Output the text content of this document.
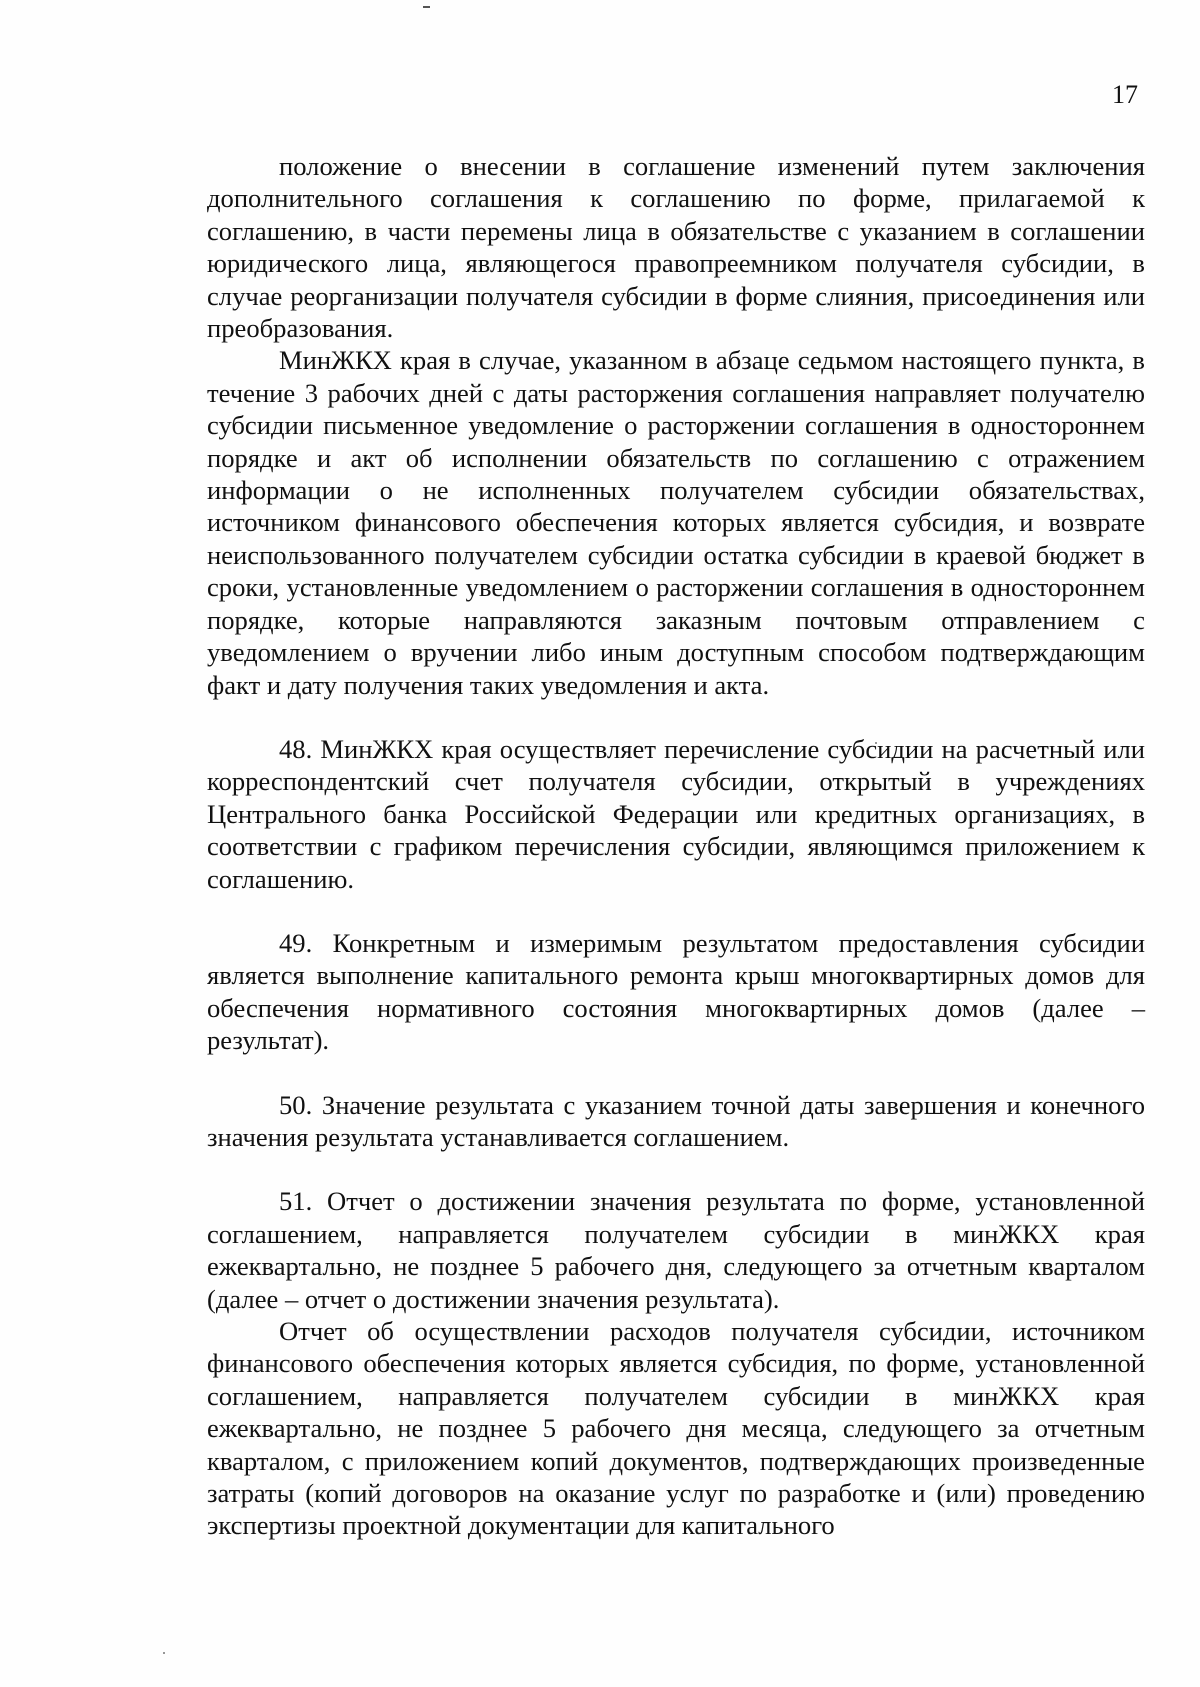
17

положение о внесении в соглашение изменений путем заключения дополнительного соглашения к соглашению по форме, прилагаемой к соглашению, в части перемены лица в обязательстве с указанием в соглашении юридического лица, являющегося правопреемником получателя субсидии, в случае реорганизации получателя субсидии в форме слияния, присоединения или преобразования.

МинЖКХ края в случае, указанном в абзаце седьмом настоящего пункта, в течение 3 рабочих дней с даты расторжения соглашения направляет получателю субсидии письменное уведомление о расторжении соглашения в одностороннем порядке и акт об исполнении обязательств по соглашению с отражением информации о не исполненных получателем субсидии обязательствах, источником финансового обеспечения которых является субсидия, и возврате неиспользованного получателем субсидии остатка субсидии в краевой бюджет в сроки, установленные уведомлением о расторжении соглашения в одностороннем порядке, которые направляются заказным почтовым отправлением с уведомлением о вручении либо иным доступным способом подтверждающим факт и дату получения таких уведомления и акта.

48. МинЖКХ края осуществляет перечисление субсидии на расчетный или корреспондентский счет получателя субсидии, открытый в учреждениях Центрального банка Российской Федерации или кредитных организациях, в соответствии с графиком перечисления субсидии, являющимся приложением к соглашению.

49. Конкретным и измеримым результатом предоставления субсидии является выполнение капитального ремонта крыш многоквартирных домов для обеспечения нормативного состояния многоквартирных домов (далее – результат).

50. Значение результата с указанием точной даты завершения и конечного значения результата устанавливается соглашением.

51. Отчет о достижении значения результата по форме, установленной соглашением, направляется получателем субсидии в минЖКХ края ежеквартально, не позднее 5 рабочего дня, следующего за отчетным кварталом (далее – отчет о достижении значения результата).

Отчет об осуществлении расходов получателя субсидии, источником финансового обеспечения которых является субсидия, по форме, установленной соглашением, направляется получателем субсидии в минЖКХ края ежеквартально, не позднее 5 рабочего дня месяца, следующего за отчетным кварталом, с приложением копий документов, подтверждающих произведенные затраты (копий договоров на оказание услуг по разработке и (или) проведению экспертизы проектной документации для капитального
